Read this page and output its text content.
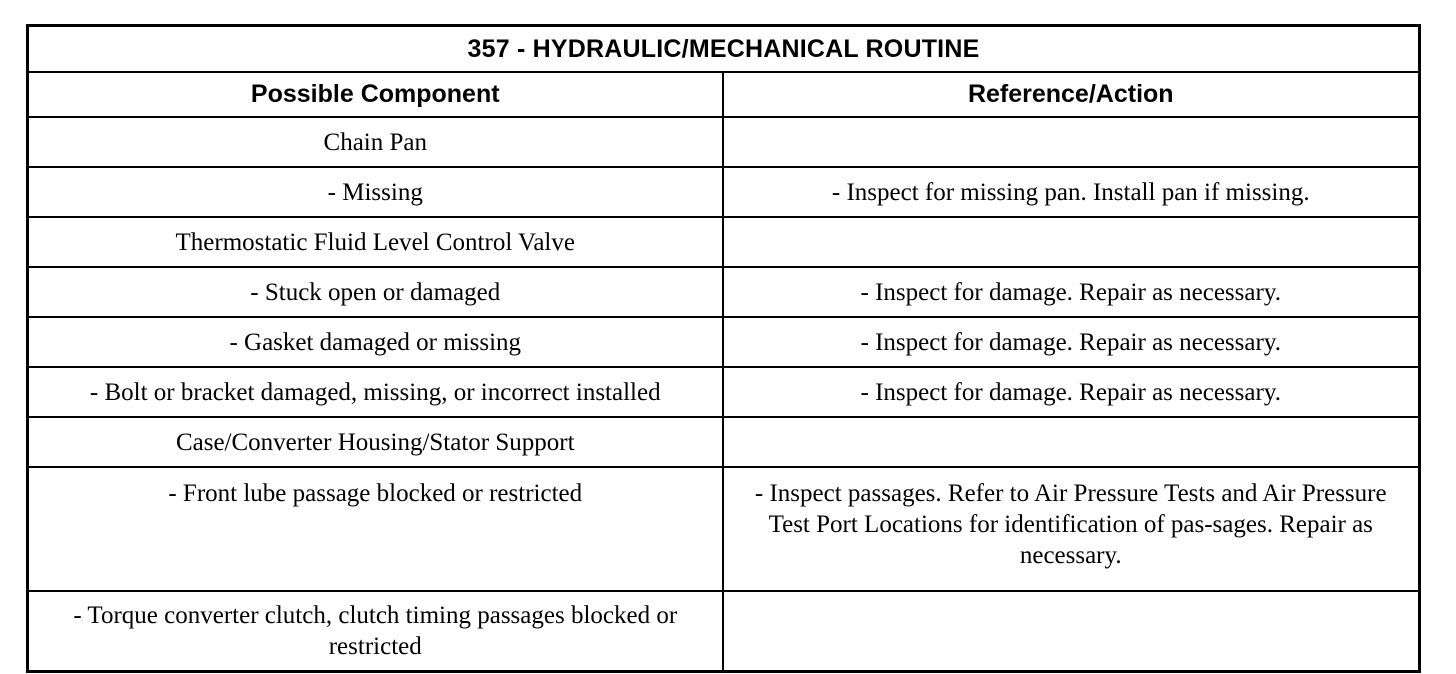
357 - HYDRAULIC/MECHANICAL ROUTINE	
Possible Component	Reference/Action
Chain Pan	
- Missing	- Inspect for missing pan. Install pan if missing.
Thermostatic Fluid Level Control Valve	
- Stuck open or damaged	- Inspect for damage. Repair as necessary.
- Gasket damaged or missing	- Inspect for damage. Repair as necessary.
- Bolt or bracket damaged, missing, or incorrect installed	- Inspect for damage. Repair as necessary.
Case/Converter Housing/Stator Support	
- Front lube passage blocked or restricted	- Inspect passages. Refer to Air Pressure Tests and Air Pressure Test Port Locations for identification of pas-sages. Repair as necessary.
- Torque converter clutch, clutch timing passages blocked or restricted	
